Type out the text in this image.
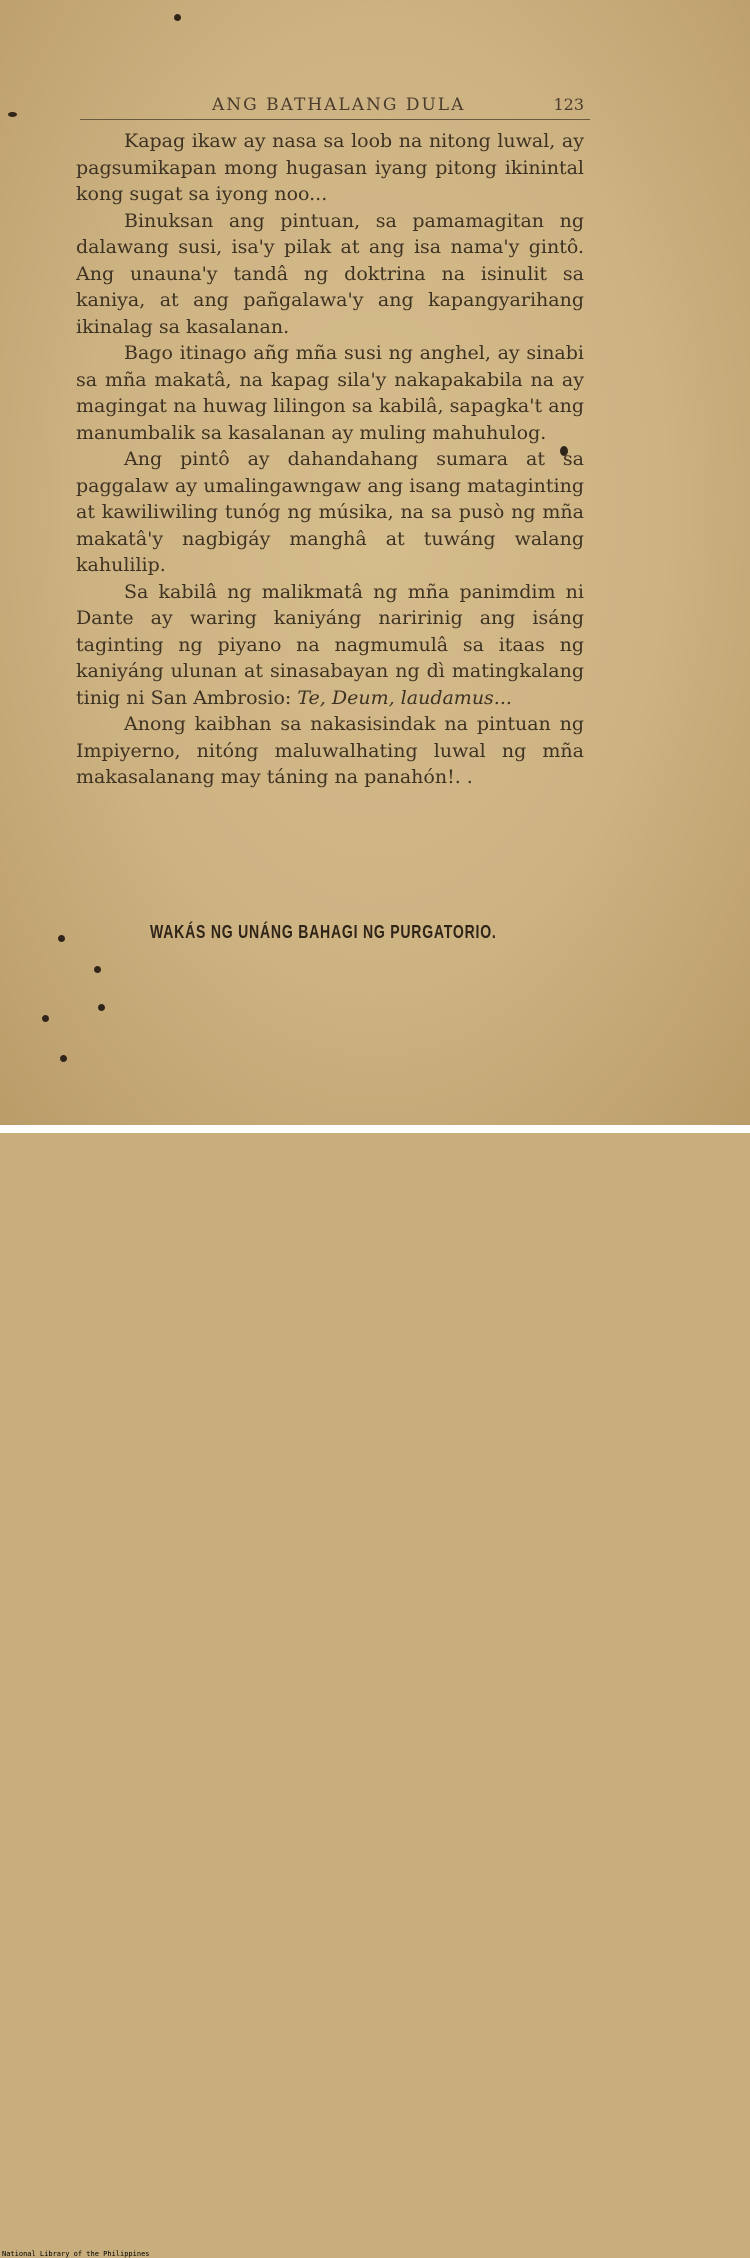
ANG BATHALANG DULA	123

Kapag ikaw ay nasa sa loob na nitong luwal, ay pagsumikapan mong hugasan iyang pitong ikinintal kong sugat sa iyong noo...

Binuksan ang pintuan, sa pamamagitan ng dalawang susi, isa'y pilak at ang isa nama'y gintô. Ang unauna'y tandâ ng doktrina na isinulit sa kaniya, at ang pañgalawa'y ang kapangyarihang ikinalag sa kasalanan.

Bago itinago añg mña susi ng anghel, ay sinabi sa mña makatâ, na kapag sila'y nakapakabila na ay magingat na huwag lilingon sa kabilâ, sapagka't ang manumbalik sa kasalanan ay muling mahuhulog.

Ang pintô ay dahandahang sumara at sa paggalaw ay umalingawngaw ang isang mataginting at kawiliwiling tunóg ng músika, na sa pusò ng mña makatâ'y nagbigáy manghâ at tuwáng walang kahulilip.

Sa kabilâ ng malikmatâ ng mña panimdim ni Dante ay waring kaniyáng naririnig ang isáng taginting ng piyano na nagmumulâ sa itaas ng kaniyáng ulunan at sinasabayan ng dì matingkalang tinig ni San Ambrosio: Te, Deum, laudamus...

Anong kaibhan sa nakasisindak na pintuan ng Impiyerno, nitóng maluwalhating luwal ng mña makasalanang may táning na panahón!. .

WAKÁS NG UNÁNG BAHAGI NG PURGATORIO.
National Library of the Philippines
